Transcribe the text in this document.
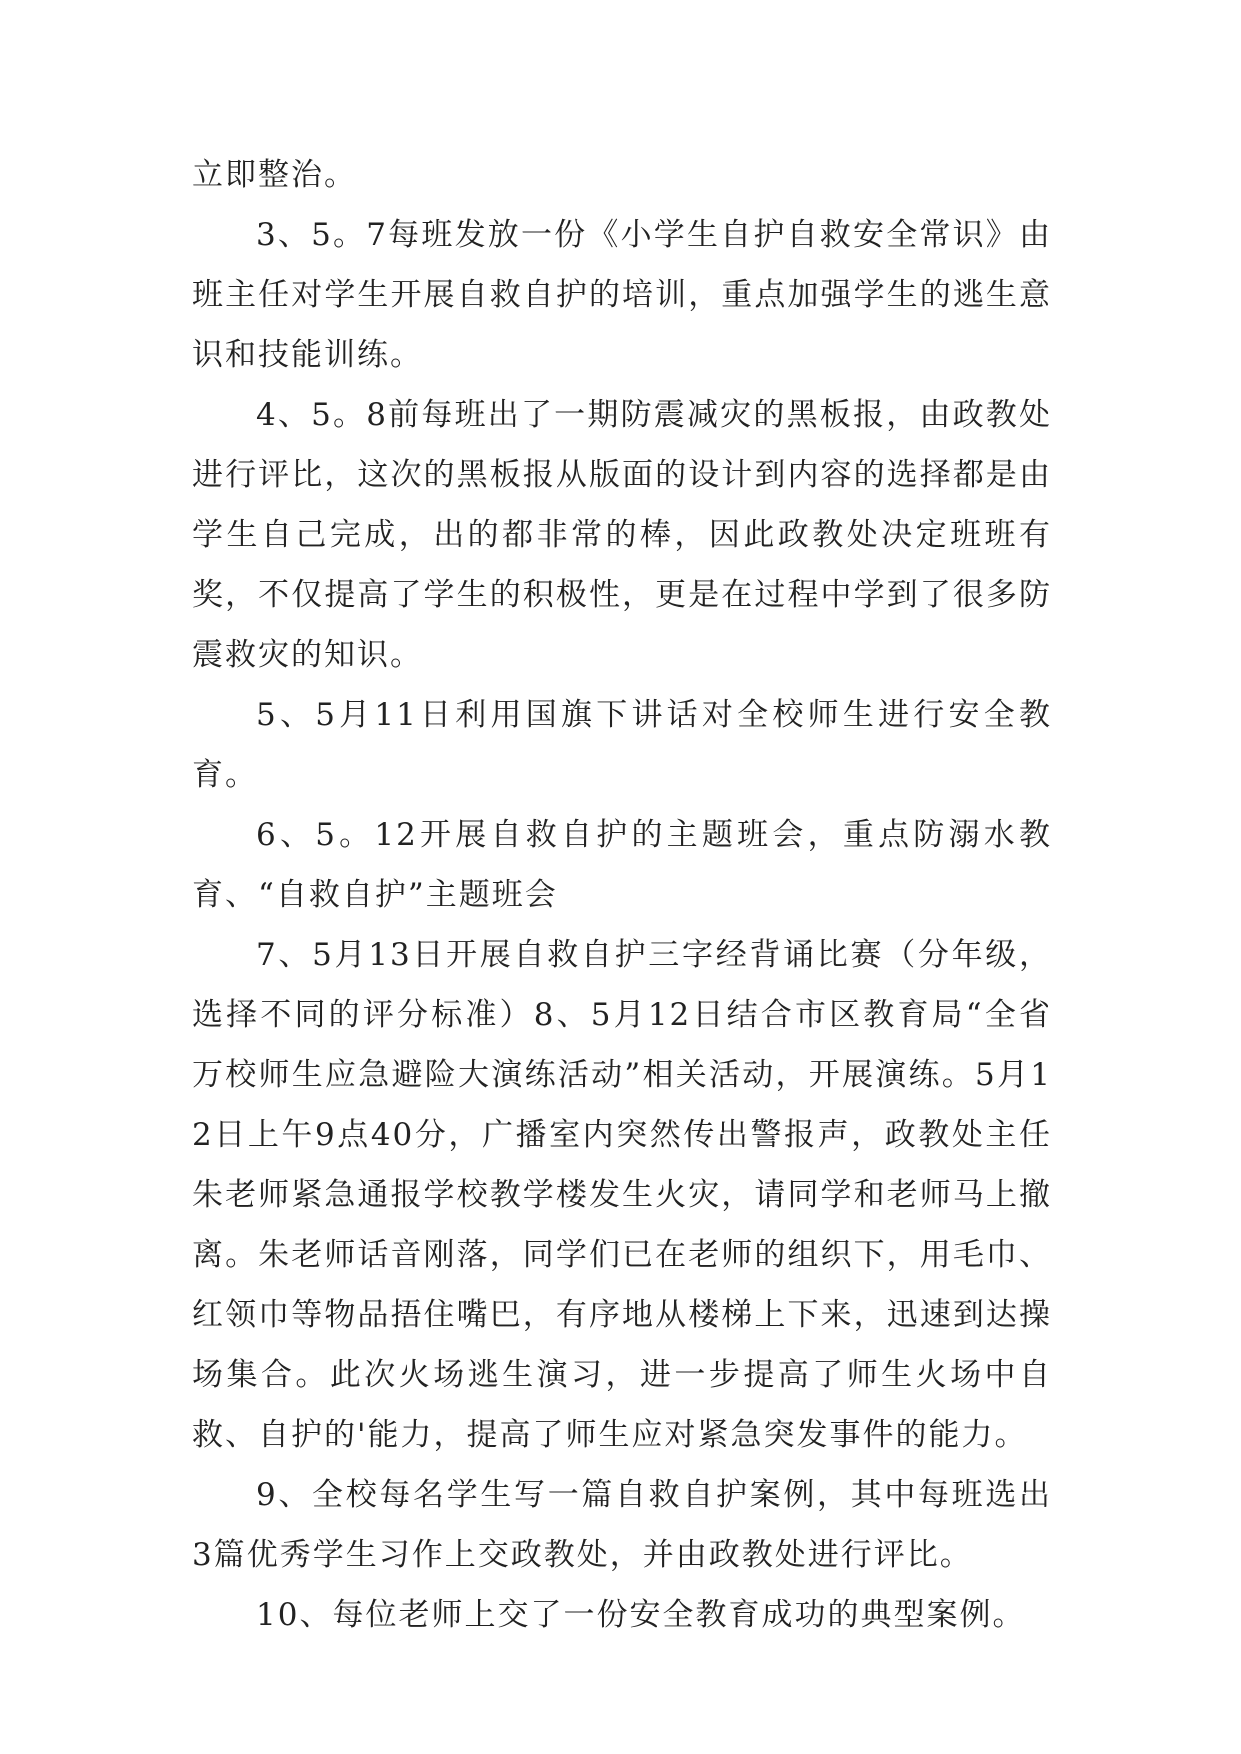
立即整治。

3、5。7每班发放一份《小学生自护自救安全常识》由班主任对学生开展自救自护的培训，重点加强学生的逃生意识和技能训练。

4、5。8前每班出了一期防震减灾的黑板报，由政教处进行评比，这次的黑板报从版面的设计到内容的选择都是由学生自己完成，出的都非常的棒，因此政教处决定班班有奖，不仅提高了学生的积极性，更是在过程中学到了很多防震救灾的知识。

5、5月11日利用国旗下讲话对全校师生进行安全教育。

6、5。12开展自救自护的主题班会，重点防溺水教育、“自救自护”主题班会

7、5月13日开展自救自护三字经背诵比赛（分年级，选择不同的评分标准）8、5月12日结合市区教育局“全省万校师生应急避险大演练活动”相关活动，开展演练。5月12日上午9点40分，广播室内突然传出警报声，政教处主任朱老师紧急通报学校教学楼发生火灾，请同学和老师马上撤离。朱老师话音刚落，同学们已在老师的组织下，用毛巾、红领巾等物品捂住嘴巴，有序地从楼梯上下来，迅速到达操场集合。此次火场逃生演习，进一步提高了师生火场中自救、自护的'能力，提高了师生应对紧急突发事件的能力。

9、全校每名学生写一篇自救自护案例，其中每班选出3篇优秀学生习作上交政教处，并由政教处进行评比。

10、每位老师上交了一份安全教育成功的典型案例。
